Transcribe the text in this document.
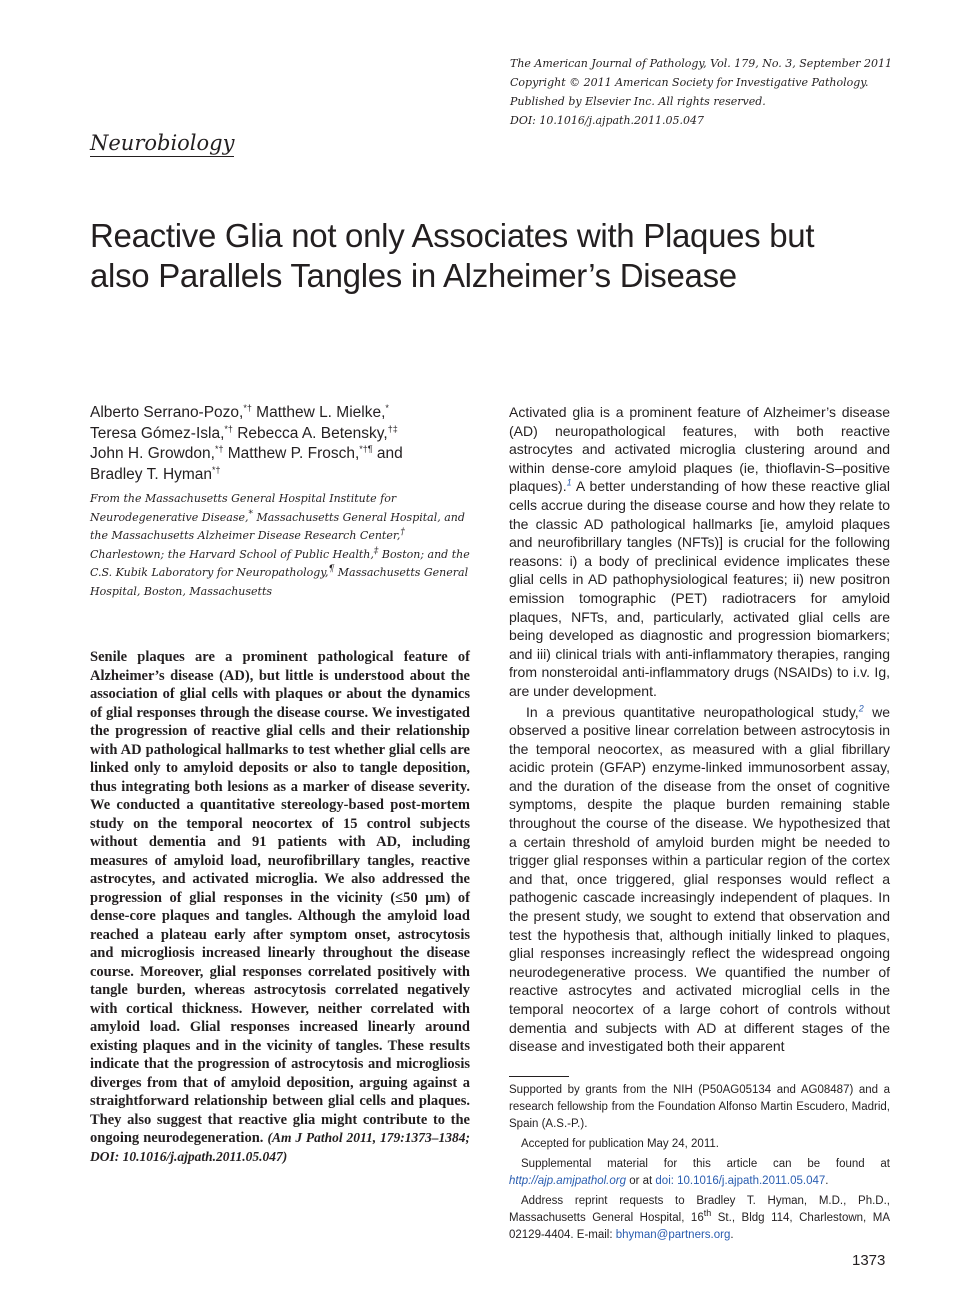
The American Journal of Pathology, Vol. 179, No. 3, September 2011
Copyright © 2011 American Society for Investigative Pathology.
Published by Elsevier Inc. All rights reserved.
DOI: 10.1016/j.ajpath.2011.05.047
Neurobiology
Reactive Glia not only Associates with Plaques but
also Parallels Tangles in Alzheimer’s Disease
Alberto Serrano-Pozo,*† Matthew L. Mielke,*
Teresa Gómez-Isla,*† Rebecca A. Betensky,†‡
John H. Growdon,*† Matthew P. Frosch,*†¶ and
Bradley T. Hyman*†
From the Massachusetts General Hospital Institute for Neurodegenerative Disease,* Massachusetts General Hospital, and the Massachusetts Alzheimer Disease Research Center,† Charlestown; the Harvard School of Public Health,‡ Boston; and the C.S. Kubik Laboratory for Neuropathology,¶ Massachusetts General Hospital, Boston, Massachusetts
Senile plaques are a prominent pathological feature of Alzheimer’s disease (AD), but little is understood about the association of glial cells with plaques or about the dynamics of glial responses through the disease course. We investigated the progression of reactive glial cells and their relationship with AD pathological hallmarks to test whether glial cells are linked only to amyloid deposits or also to tangle deposition, thus integrating both lesions as a marker of disease severity. We conducted a quantitative stereology-based post-mortem study on the temporal neocortex of 15 control subjects without dementia and 91 patients with AD, including measures of amyloid load, neurofibrillary tangles, reactive astrocytes, and activated microglia. We also addressed the progression of glial responses in the vicinity (≤50 μm) of dense-core plaques and tangles. Although the amyloid load reached a plateau early after symptom onset, astrocytosis and microgliosis increased linearly throughout the disease course. Moreover, glial responses correlated positively with tangle burden, whereas astrocytosis correlated negatively with cortical thickness. However, neither correlated with amyloid load. Glial responses increased linearly around existing plaques and in the vicinity of tangles. These results indicate that the progression of astrocytosis and microgliosis diverges from that of amyloid deposition, arguing against a straightforward relationship between glial cells and plaques. They also suggest that reactive glia might contribute to the ongoing neurodegeneration. (Am J Pathol 2011, 179:1373–1384; DOI: 10.1016/j.ajpath.2011.05.047)

Activated glia is a prominent feature of Alzheimer’s disease (AD) neuropathological features, with both reactive astrocytes and activated microglia clustering around and within dense-core amyloid plaques (ie, thioflavin-S–positive plaques).$^1$ A better understanding of how these reactive glial cells accrue during the disease course and how they relate to the classic AD pathological hallmarks [ie, amyloid plaques and neurofibrillary tangles (NFTs)] is crucial for the following reasons: i) a body of preclinical evidence implicates these glial cells in AD pathophysiological features; ii) new positron emission tomographic (PET) radiotracers for amyloid plaques, NFTs, and, particularly, activated glial cells are being developed as diagnostic and progression biomarkers; and iii) clinical trials with anti-inflammatory therapies, ranging from nonsteroidal anti-inflammatory drugs (NSAIDs) to i.v. Ig, are under development.

In a previous quantitative neuropathological study,$^2$ we observed a positive linear correlation between astrocytosis in the temporal neocortex, as measured with a glial fibrillary acidic protein (GFAP) enzyme-linked immunosorbent assay, and the duration of the disease from the onset of cognitive symptoms, despite the plaque burden remaining stable throughout the course of the disease. We hypothesized that a certain threshold of amyloid burden might be needed to trigger glial responses within a particular region of the cortex and that, once triggered, glial responses would reflect a pathogenic cascade increasingly independent of plaques. In the present study, we sought to extend that observation and test the hypothesis that, although initially linked to plaques, glial responses increasingly reflect the widespread ongoing neurodegenerative process. We quantified the number of reactive astrocytes and activated microglial cells in the temporal neocortex of a large cohort of controls without dementia and subjects with AD at different stages of the disease and investigated both their apparent

Supported by grants from the NIH (P50AG05134 and AG08487) and a research fellowship from the Foundation Alfonso Martin Escudero, Madrid, Spain (A.S.-P.).

Accepted for publication May 24, 2011.

Supplemental material for this article can be found at http://ajp.amjpathol.org or at doi: 10.1016/j.ajpath.2011.05.047.

Address reprint requests to Bradley T. Hyman, M.D., Ph.D., Massachusetts General Hospital, 16th St., Bldg 114, Charlestown, MA 02129-4404. E-mail: bhyman@partners.org.

1373
